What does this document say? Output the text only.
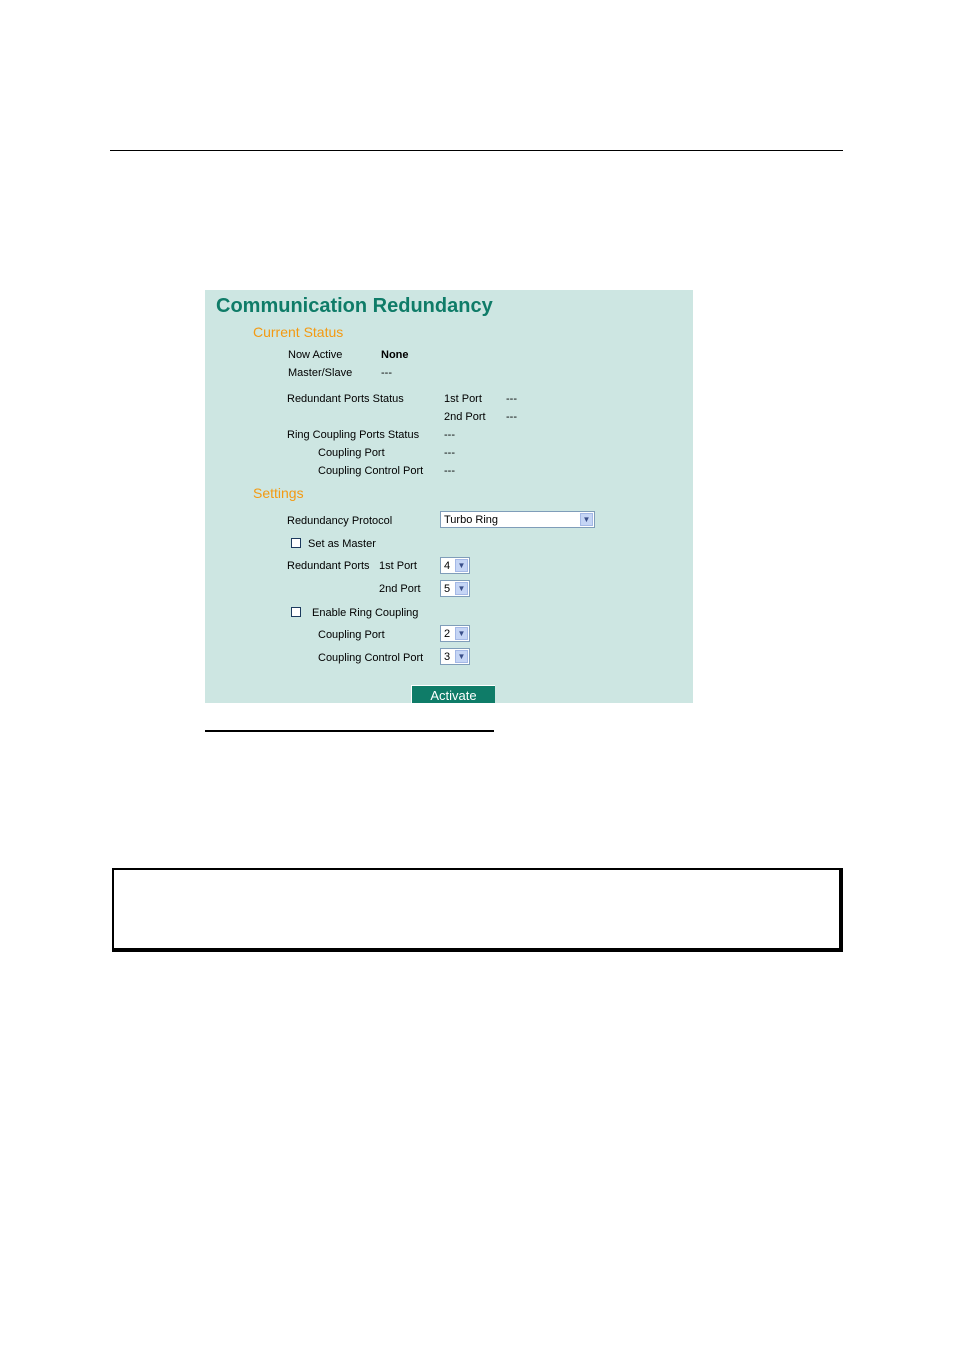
Communication Redundancy
Current Status
Now Active	None
Master/Slave	---
Redundant Ports Status	1st Port ---
2nd Port ---
Ring Coupling Ports Status ---
Coupling Port	---
Coupling Control Port ---
Settings
Redundancy Protocol	Turbo Ring	▼
Set as Master
Redundant Ports 1st Port	4 ▼
2nd Port	5 ▼
Enable Ring Coupling
Coupling Port	2 ▼
Coupling Control Port	3 ▼
Activate
